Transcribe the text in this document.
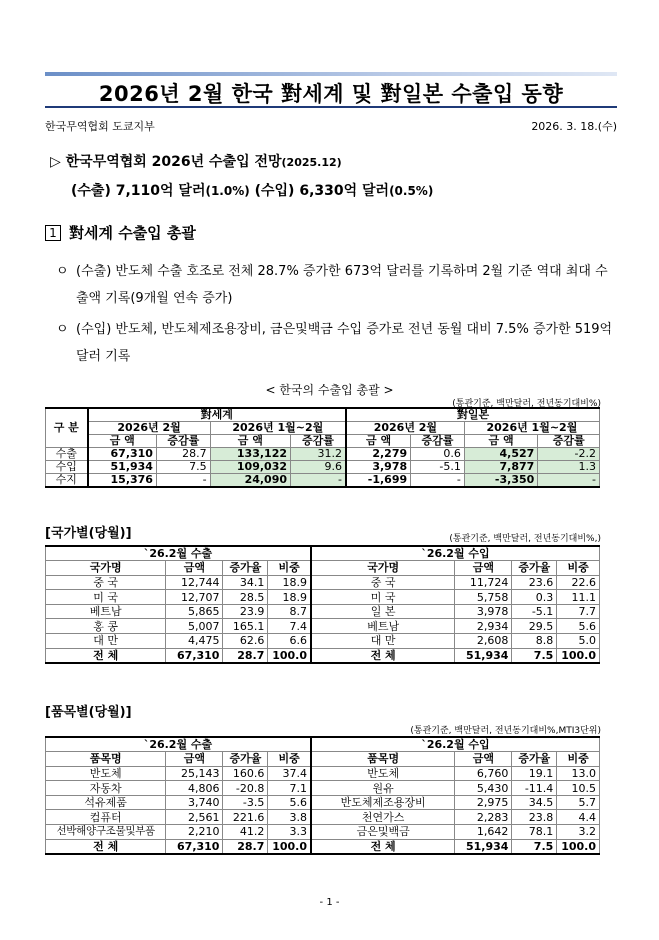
2026년 2월 한국 對세계 및 對일본 수출입 동향
한국무역협회 도쿄지부	2026. 3. 18.(수)
▷ 한국무역협회 2026년 수출입 전망(2025.12)
(수출) 7,110억 달러(1.0%) (수입) 6,330억 달러(0.5%)
1 對세계 수출입 총괄
ㅇ (수출) 반도체 수출 호조로 전체 28.7% 증가한 673억 달러를 기록하며 2월 기준 역대 최대 수출액 기록(9개월 연속 증가)
ㅇ (수입) 반도체, 반도체제조용장비, 금은및백금 수입 증가로 전년 동월 대비 7.5% 증가한 519억 달러 기록
< 한국의 수출입 총괄 >
(통관기준, 백만달러, 전년동기대비%)
구 분	對세계				對일본			
	2026년 2월		2026년 1월~2월		2026년 2월		2026년 1월~2월	
	금 액	증감률	금 액	증감률	금 액	증감률	금 액	증감률
수출	67,310	28.7	133,122	31.2	2,279	0.6	4,527	-2.2
수입	51,934	7.5	109,032	9.6	3,978	-5.1	7,877	1.3
수지	15,376	-	24,090	-	-1,699	-	-3,350	-
[국가별(당월)]	(통관기준, 백만달러, 전년동기대비%,)
`26.2월 수출				`26.2월 수입			
국가명	금액	증가율	비중	국가명	금액	증가율	비중
중 국	12,744	34.1	18.9	중 국	11,724	23.6	22.6
미 국	12,707	28.5	18.9	미 국	5,758	0.3	11.1
베트남	5,865	23.9	8.7	일 본	3,978	-5.1	7.7
홍 콩	5,007	165.1	7.4	베트남	2,934	29.5	5.6
대 만	4,475	62.6	6.6	대 만	2,608	8.8	5.0
전 체	67,310	28.7	100.0	전 체	51,934	7.5	100.0
[품목별(당월)]
(통관기준, 백만달러, 전년동기대비%,MTI3단위)
`26.2월 수출				`26.2월 수입			
품목명	금액	증가율	비중	품목명	금액	증가율	비중
반도체	25,143	160.6	37.4	반도체	6,760	19.1	13.0
자동차	4,806	-20.8	7.1	원유	5,430	-11.4	10.5
석유제품	3,740	-3.5	5.6	반도체제조용장비	2,975	34.5	5.7
컴퓨터	2,561	221.6	3.8	천연가스	2,283	23.8	4.4
선박해양구조물및부품	2,210	41.2	3.3	금은및백금	1,642	78.1	3.2
전 체	67,310	28.7	100.0	전 체	51,934	7.5	100.0
- 1 -
